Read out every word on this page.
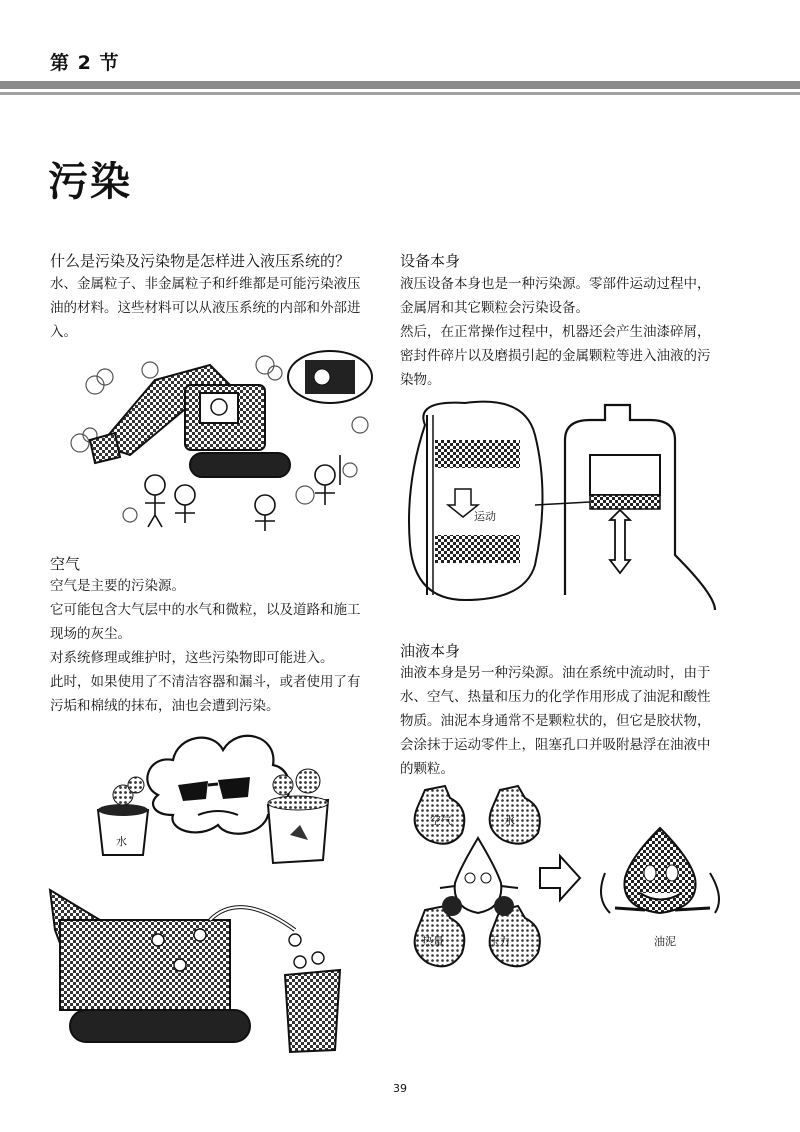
第 2 节
污染
什么是污染及污染物是怎样进入液压系统的？

水、金属粒子、非金属粒子和纤维都是可能污染液压

油的材料。这些材料可以从液压系统的内部和外部进

入。

空气

空气是主要的污染源。

它可能包含大气层中的水气和微粒，以及道路和施工

现场的灰尘。

对系统修理或维护时，这些污染物即可能进入。

此时，如果使用了不清洁容器和漏斗，或者使用了有

污垢和棉绒的抹布，油也会遭到污染。

水
设备本身

液压设备本身也是一种污染源。零部件运动过程中，

金属屑和其它颗粒会污染设备。

然后，在正常操作过程中，机器还会产生油漆碎屑，

密封件碎片以及磨损引起的金属颗粒等进入油液的污

染物。

运动
油液本身

油液本身是另一种污染源。油在系统中流动时，由于

水、空气、热量和压力的化学作用形成了油泥和酸性

物质。油泥本身通常不是颗粒状的，但它是胶状物，

会涂抹于运动零件上，阻塞孔口并吸附悬浮在油液中

的颗粒。

空气	水
热量	压力	油泥
39
